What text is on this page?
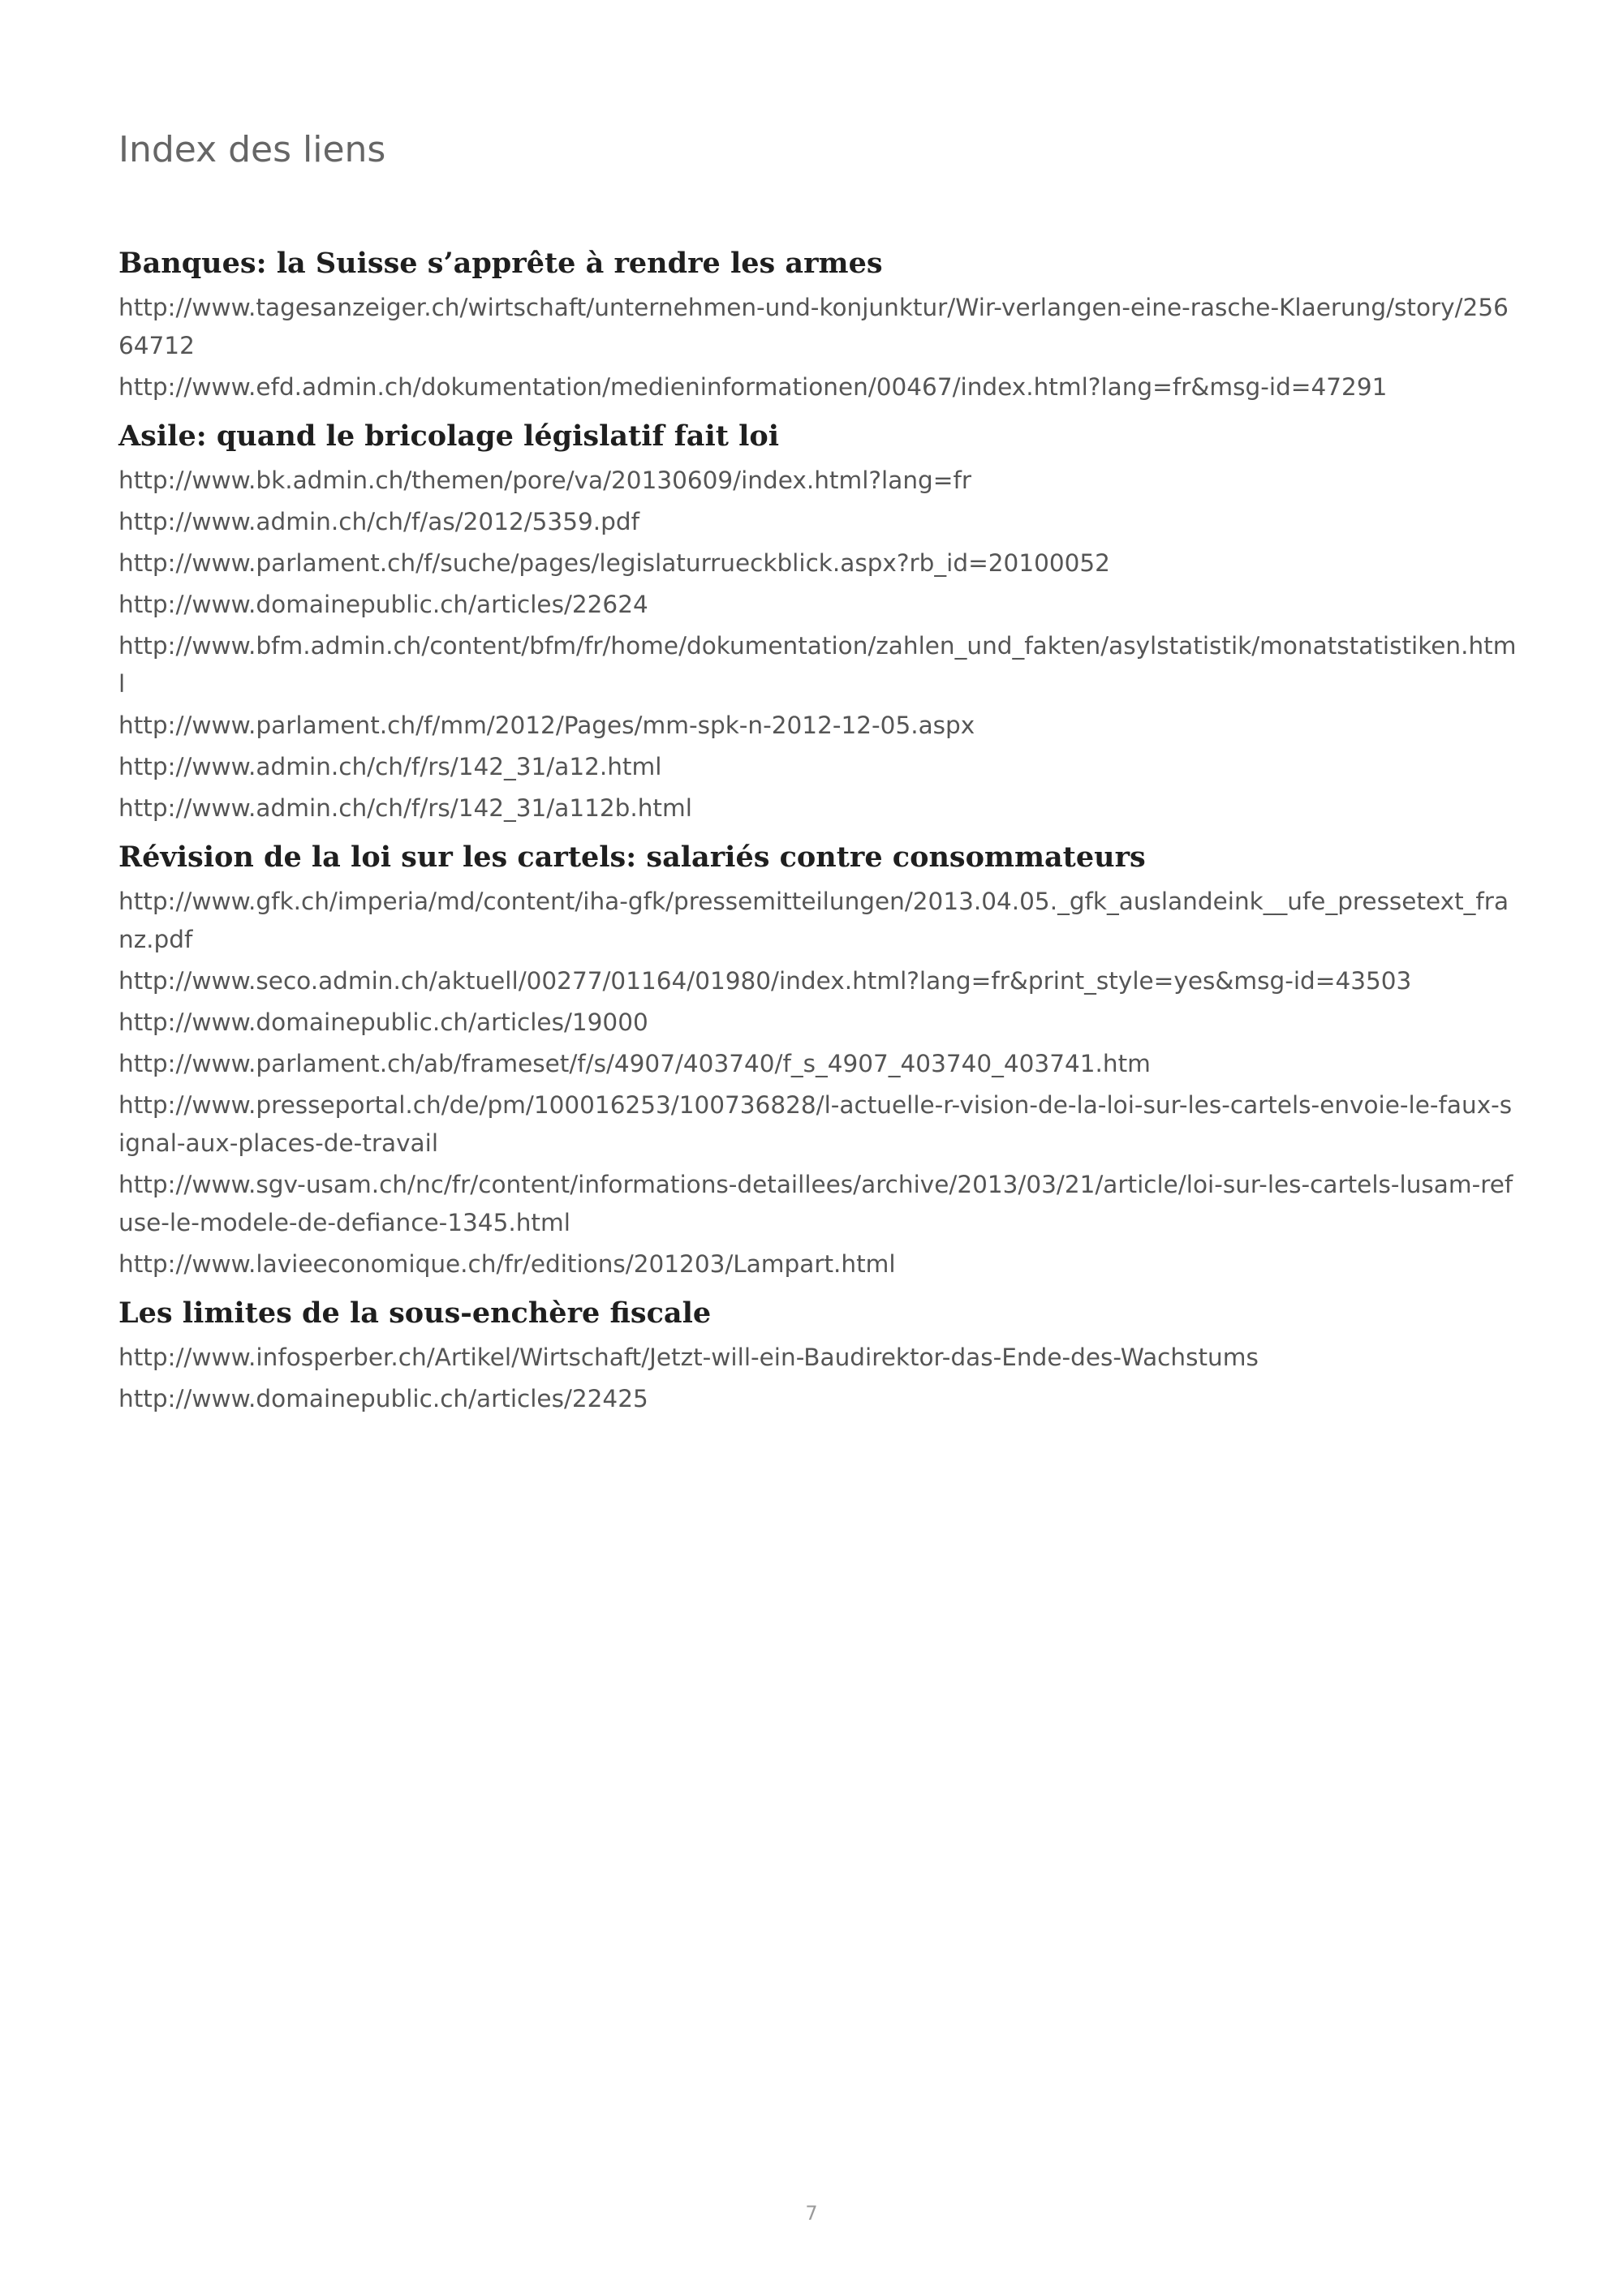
Index des liens
Banques: la Suisse s’apprête à rendre les armes
http://www.tagesanzeiger.ch/wirtschaft/unternehmen-und-konjunktur/Wir-verlangen-eine-rasche-Klaerung/story/25664712
http://www.efd.admin.ch/dokumentation/medieninformationen/00467/index.html?lang=fr&msg-id=47291
Asile: quand le bricolage législatif fait loi
http://www.bk.admin.ch/themen/pore/va/20130609/index.html?lang=fr
http://www.admin.ch/ch/f/as/2012/5359.pdf
http://www.parlament.ch/f/suche/pages/legislaturrueckblick.aspx?rb_id=20100052
http://www.domainepublic.ch/articles/22624
http://www.bfm.admin.ch/content/bfm/fr/home/dokumentation/zahlen_und_fakten/asylstatistik/monatstatistiken.html
http://www.parlament.ch/f/mm/2012/Pages/mm-spk-n-2012-12-05.aspx
http://www.admin.ch/ch/f/rs/142_31/a12.html
http://www.admin.ch/ch/f/rs/142_31/a112b.html
Révision de la loi sur les cartels: salariés contre consommateurs
http://www.gfk.ch/imperia/md/content/iha-gfk/pressemitteilungen/2013.04.05._gfk_auslandeink__ufe_pressetext_franz.pdf
http://www.seco.admin.ch/aktuell/00277/01164/01980/index.html?lang=fr&print_style=yes&msg-id=43503
http://www.domainepublic.ch/articles/19000
http://www.parlament.ch/ab/frameset/f/s/4907/403740/f_s_4907_403740_403741.htm
http://www.presseportal.ch/de/pm/100016253/100736828/l-actuelle-r-vision-de-la-loi-sur-les-cartels-envoie-le-faux-signal-aux-places-de-travail
http://www.sgv-usam.ch/nc/fr/content/informations-detaillees/archive/2013/03/21/article/loi-sur-les-cartels-lusam-refuse-le-modele-de-defiance-1345.html
http://www.lavieeconomique.ch/fr/editions/201203/Lampart.html
Les limites de la sous-enchère fiscale
http://www.infosperber.ch/Artikel/Wirtschaft/Jetzt-will-ein-Baudirektor-das-Ende-des-Wachstums
http://www.domainepublic.ch/articles/22425
7
